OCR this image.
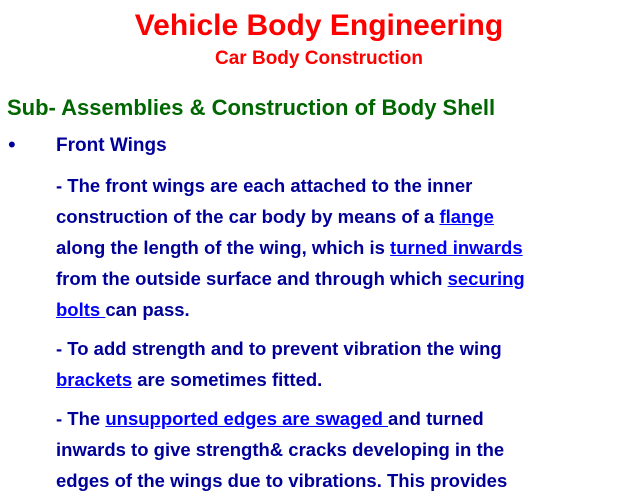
Vehicle Body Engineering
Car Body Construction
Sub- Assemblies & Construction of Body Shell
• Front Wings
- The front wings are each attached to the inner
construction of the car body by means of a flange
along the length of the wing, which is turned inwards
from the outside surface and through which securing
bolts can pass.
- To add strength and to prevent vibration the wing
brackets are sometimes fitted.
- The unsupported edges are swaged and turned
inwards to give strength& cracks developing in the
edges of the wings due to vibrations. This provides
